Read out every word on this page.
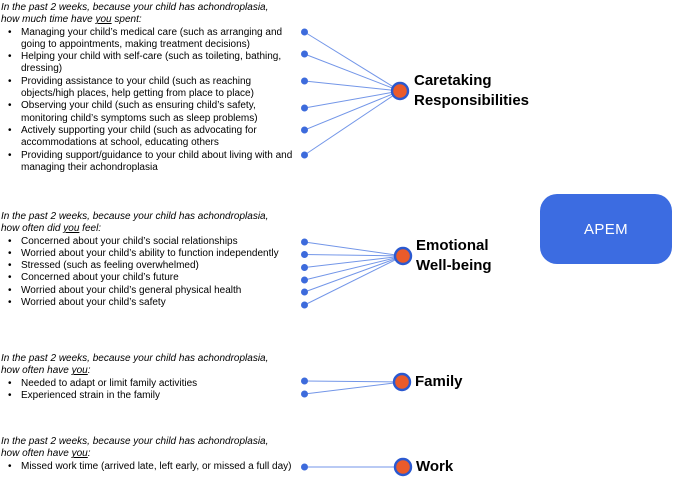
In the past 2 weeks, because your child has achondroplasia,
how much time have you spent:
• Managing your child’s medical care (such as arranging and going to appointments, making treatment decisions)
• Helping your child with self-care (such as toileting, bathing, dressing)
• Providing assistance to your child (such as reaching objects/high places, help getting from place to place)
• Observing your child (such as ensuring child’s safety, monitoring child’s symptoms such as sleep problems)
• Actively supporting your child (such as advocating for accommodations at school, educating others
• Providing support/guidance to your child about living with and managing their achondroplasia
In the past 2 weeks, because your child has achondroplasia,
how often did you feel:
• Concerned about your child’s social relationships
• Worried about your child’s ability to function independently
• Stressed (such as feeling overwhelmed)
• Concerned about your child’s future
• Worried about your child’s general physical health
• Worried about your child’s safety
In the past 2 weeks, because your child has achondroplasia,
how often have you:
• Needed to adapt or limit family activities
• Experienced strain in the family
In the past 2 weeks, because your child has achondroplasia,
how often have you:
• Missed work time (arrived late, left early, or missed a full day)
Caretaking
Responsibilities
Emotional
Well-being
Family
Work
APEM
